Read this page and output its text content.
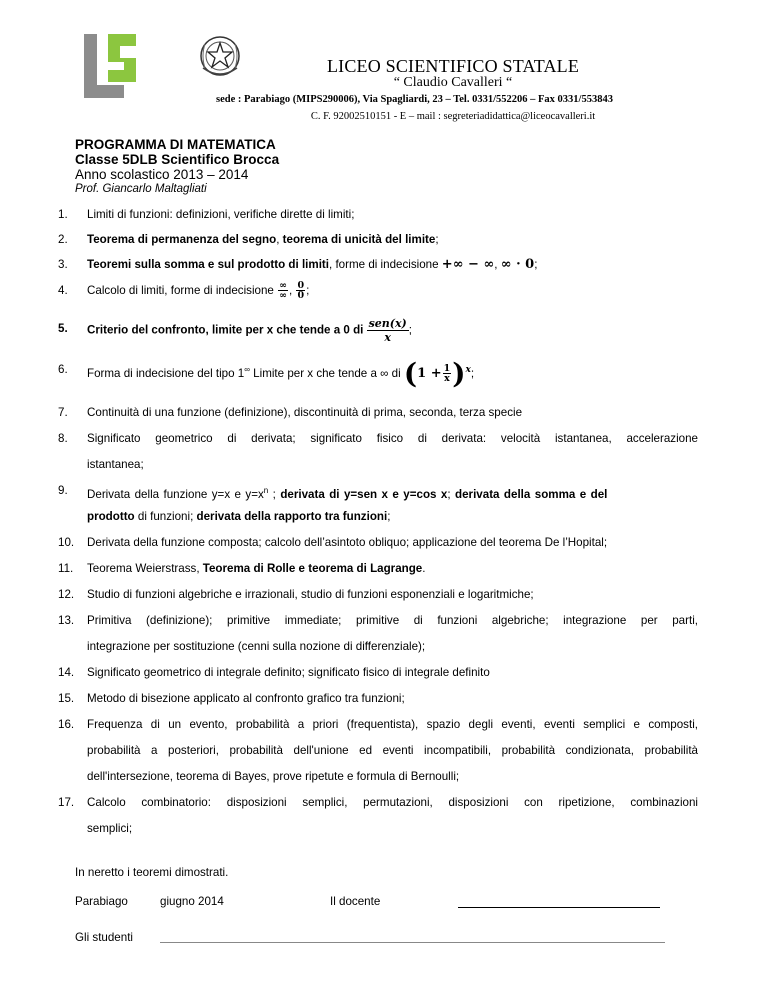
LICEO SCIENTIFICO STATALE
“ Claudio Cavalleri “
sede : Parabiago (MIPS290006), Via Spagliardi, 23 – Tel. 0331/552206 – Fax 0331/553843
C. F. 92002510151 - E – mail : segreteriadidattica@liceocavalleri.it
PROGRAMMA DI MATEMATICA
Classe 5DLB Scientifico Brocca
Anno scolastico 2013 – 2014
Prof. Giancarlo Maltagliati
1. Limiti di funzioni: definizioni, verifiche dirette di limiti;
2. Teorema di permanenza del segno, teorema di unicità del limite;
3. Teoremi sulla somma e sul prodotto di limiti, forme di indecisione +∞ − ∞, ∞ · 0;
4. Calcolo di limiti, forme di indecisione $\frac{\infty}{\infty}$ , $\frac{0}{0}$ ;
5. Criterio del confronto, limite per x che tende a 0 di
sen(x)
x;
6. Forma di indecisione del tipo 1∞ Limite per x che tende a ∞ di $(1 + \frac{1}{x} )^x$;
7. Continuità di una funzione (definizione), discontinuità di prima, seconda, terza specie
8. Significato geometrico di derivata; significato fisico di derivata: velocità istantanea, accelerazione
istantanea;
9. Derivata della funzione y=x e $y=x^n$ ; derivata di y=sen x e y=cos x; derivata della somma e del
prodotto di funzioni; derivata della rapporto tra funzioni;
10. Derivata della funzione composta; calcolo dell’asintoto obliquo; applicazione del teorema De l’Hopital;
11. Teorema Weierstrass, Teorema di Rolle e teorema di Lagrange.
12. Studio di funzioni algebriche e irrazionali, studio di funzioni esponenziali e logaritmiche;
13. Primitiva (definizione); primitive immediate; primitive di funzioni algebriche; integrazione per parti,
integrazione per sostituzione (cenni sulla nozione di differenziale);
14. Significato geometrico di integrale definito; significato fisico di integrale definito
15. Metodo di bisezione applicato al confronto grafico tra funzioni;
16. Frequenza di un evento, probabilità a priori (frequentista), spazio degli eventi, eventi semplici e composti,
probabilità a posteriori, probabilità dell'unione ed eventi incompatibili, probabilità condizionata, probabilità
dell'intersezione, teorema di Bayes, prove ripetute e formula di Bernoulli;
17. Calcolo combinatorio: disposizioni semplici, permutazioni, disposizioni con ripetizione, combinazioni
semplici;
In neretto i teoremi dimostrati.
Parabiago	giugno 2014	Il docente
Gli studenti
